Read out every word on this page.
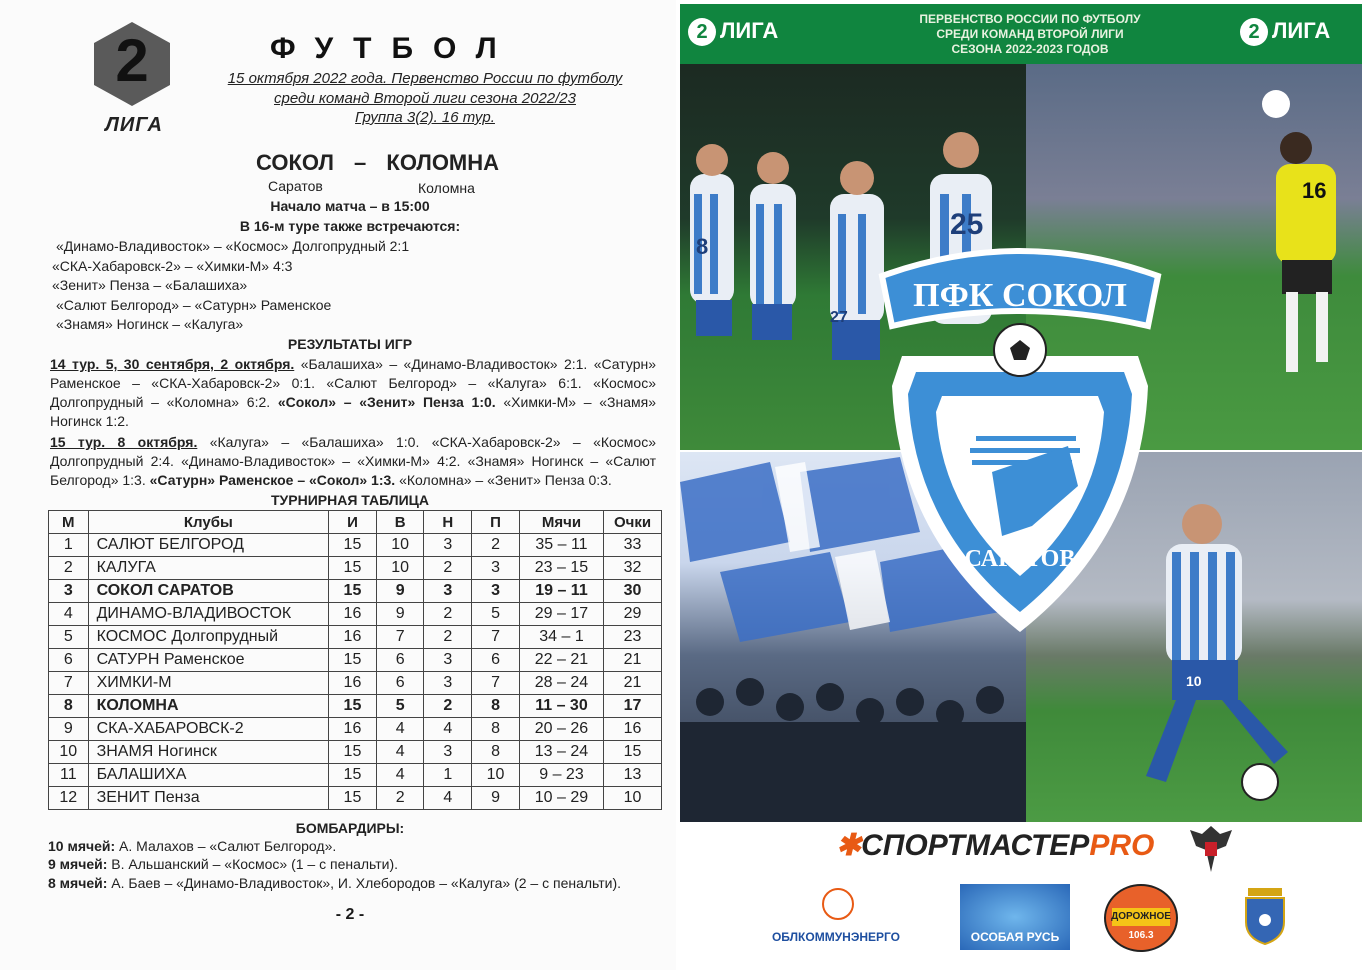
2
ЛИГА
ФУТБОЛ
15 октября 2022 года. Первенство России по футболу
среди команд Второй лиги сезона 2022/23
Группа 3(2). 16 тур.
СОКОЛ – КОЛОМНА
Саратов	Коломна
Начало матча – в 15:00
В 16-м туре также встречаются:
«Динамо-Владивосток» – «Космос» Долгопрудный 2:1
«СКА-Хабаровск-2» – «Химки-М» 4:3
«Зенит» Пенза – «Балашиха»
«Салют Белгород» – «Сатурн» Раменское
«Знамя» Ногинск – «Калуга»
РЕЗУЛЬТАТЫ ИГР
14 тур. 5, 30 сентября, 2 октября. «Балашиха» – «Динамо-Владивосток» 2:1. «Сатурн» Раменское – «СКА-Хабаровск-2» 0:1. «Салют Белгород» – «Калуга» 6:1. «Космос» Долгопрудный – «Коломна» 6:2. «Сокол» – «Зенит» Пенза 1:0. «Химки-М» – «Знамя» Ногинск 1:2.
15 тур. 8 октября. «Калуга» – «Балашиха» 1:0. «СКА-Хабаровск-2» – «Космос» Долгопрудный 2:4. «Динамо-Владивосток» – «Химки-М» 4:2. «Знамя» Ногинск – «Салют Белгород» 1:3. «Сатурн» Раменское – «Сокол» 1:3. «Коломна» – «Зенит» Пенза 0:3.
ТУРНИРНАЯ ТАБЛИЦА
М	Клубы	И	В	Н	П	Мячи	Очки
1	САЛЮТ БЕЛГОРОД	15	10	3	2	35 – 11	33
2	КАЛУГА	15	10	2	3	23 – 15	32
3	СОКОЛ САРАТОВ	15	9	3	3	19 – 11	30
4	ДИНАМО-ВЛАДИВОСТОК	16	9	2	5	29 – 17	29
5	КОСМОС Долгопрудный	16	7	2	7	34 – 1	23
6	САТУРН Раменское	15	6	3	6	22 – 21	21
7	ХИМКИ-М	16	6	3	7	28 – 24	21
8	КОЛОМНА	15	5	2	8	11 – 30	17
9	СКА-ХАБАРОВСК-2	16	4	4	8	20 – 26	16
10	ЗНАМЯ Ногинск	15	4	3	8	13 – 24	15
11	БАЛАШИХА	15	4	1	10	9 – 23	13
12	ЗЕНИТ Пенза	15	2	4	9	10 – 29	10
БОМБАРДИРЫ:
10 мячей: А. Малахов – «Салют Белгород».
9 мячей: В. Альшанский – «Космос» (1 – с пенальти).
8 мячей: А. Баев – «Динамо-Владивосток», И. Хлебородов – «Калуга» (2 – с пенальти).
- 2 -
2 ЛИГА	ПЕРВЕНСТВО РОССИИ ПО ФУТБОЛУ
СРЕДИ КОМАНД ВТОРОЙ ЛИГИ
СЕЗОНА 2022-2023 ГОДОВ
2 ЛИГА
8
27
25
16
10
ПФК СОКОЛ
САРАТОВ
✱СПОРТМАСТЕРPRO
ОБЛКОММУНЭНЕРГО	ОСОБАЯ РУСЬ
ДОРОЖНОЕ
106.3
